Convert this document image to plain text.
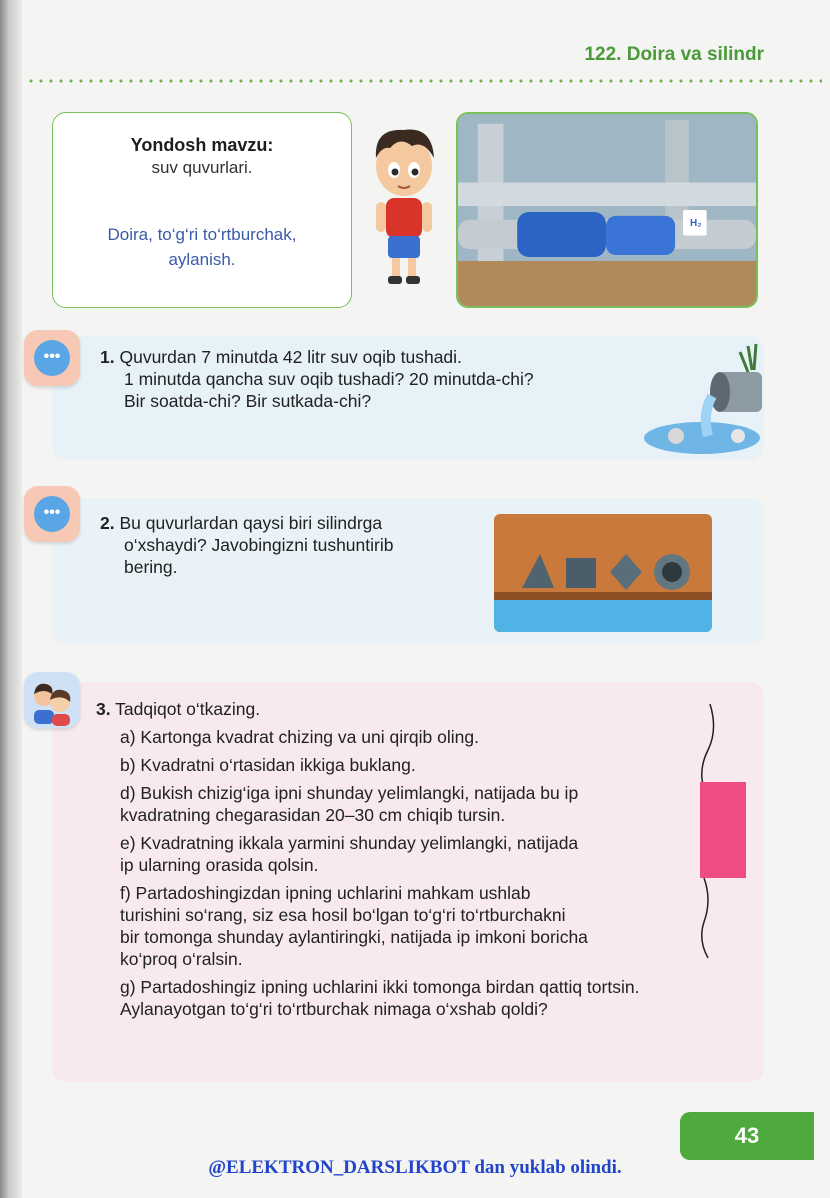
122. Doira va silindr
Yondosh mavzu:
suv quvurlari.
Doira, to‘g‘ri to‘rtburchak, aylanish.
H₂
•••	1. Quvurdan 7 minutda 42 litr suv oqib tushadi.
1 minutda qancha suv oqib tushadi? 20 minutda-chi?
Bir soatda-chi? Bir sutkada-chi?
•••
2. Bu quvurlardan qaysi biri silindrga
o‘xshaydi? Javobingizni tushuntirib
bering.
3. Tadqiqot o‘tkazing.
a) Kartonga kvadrat chizing va uni qirqib oling.
b) Kvadratni o‘rtasidan ikkiga buklang.
d) Bukish chizig‘iga ipni shunday yelimlangki, natijada bu ip
kvadratning chegarasidan 20–30 cm chiqib tursin.
e) Kvadratning ikkala yarmini shunday yelimlangki, natijada
ip ularning orasida qolsin.
f) Partadoshingizdan ipning uchlarini mahkam ushlab
turishini so‘rang, siz esa hosil bo‘lgan to‘g‘ri to‘rtburchakni
bir tomonga shunday aylantiringki, natijada ip imkoni boricha
ko‘proq o‘ralsin.
g) Partadoshingiz ipning uchlarini ikki tomonga birdan qattiq tortsin.
Aylanayotgan to‘g‘ri to‘rtburchak nimaga o‘xshab qoldi?
43
@ELEKTRON_DARSLIKBOT dan yuklab olindi.
